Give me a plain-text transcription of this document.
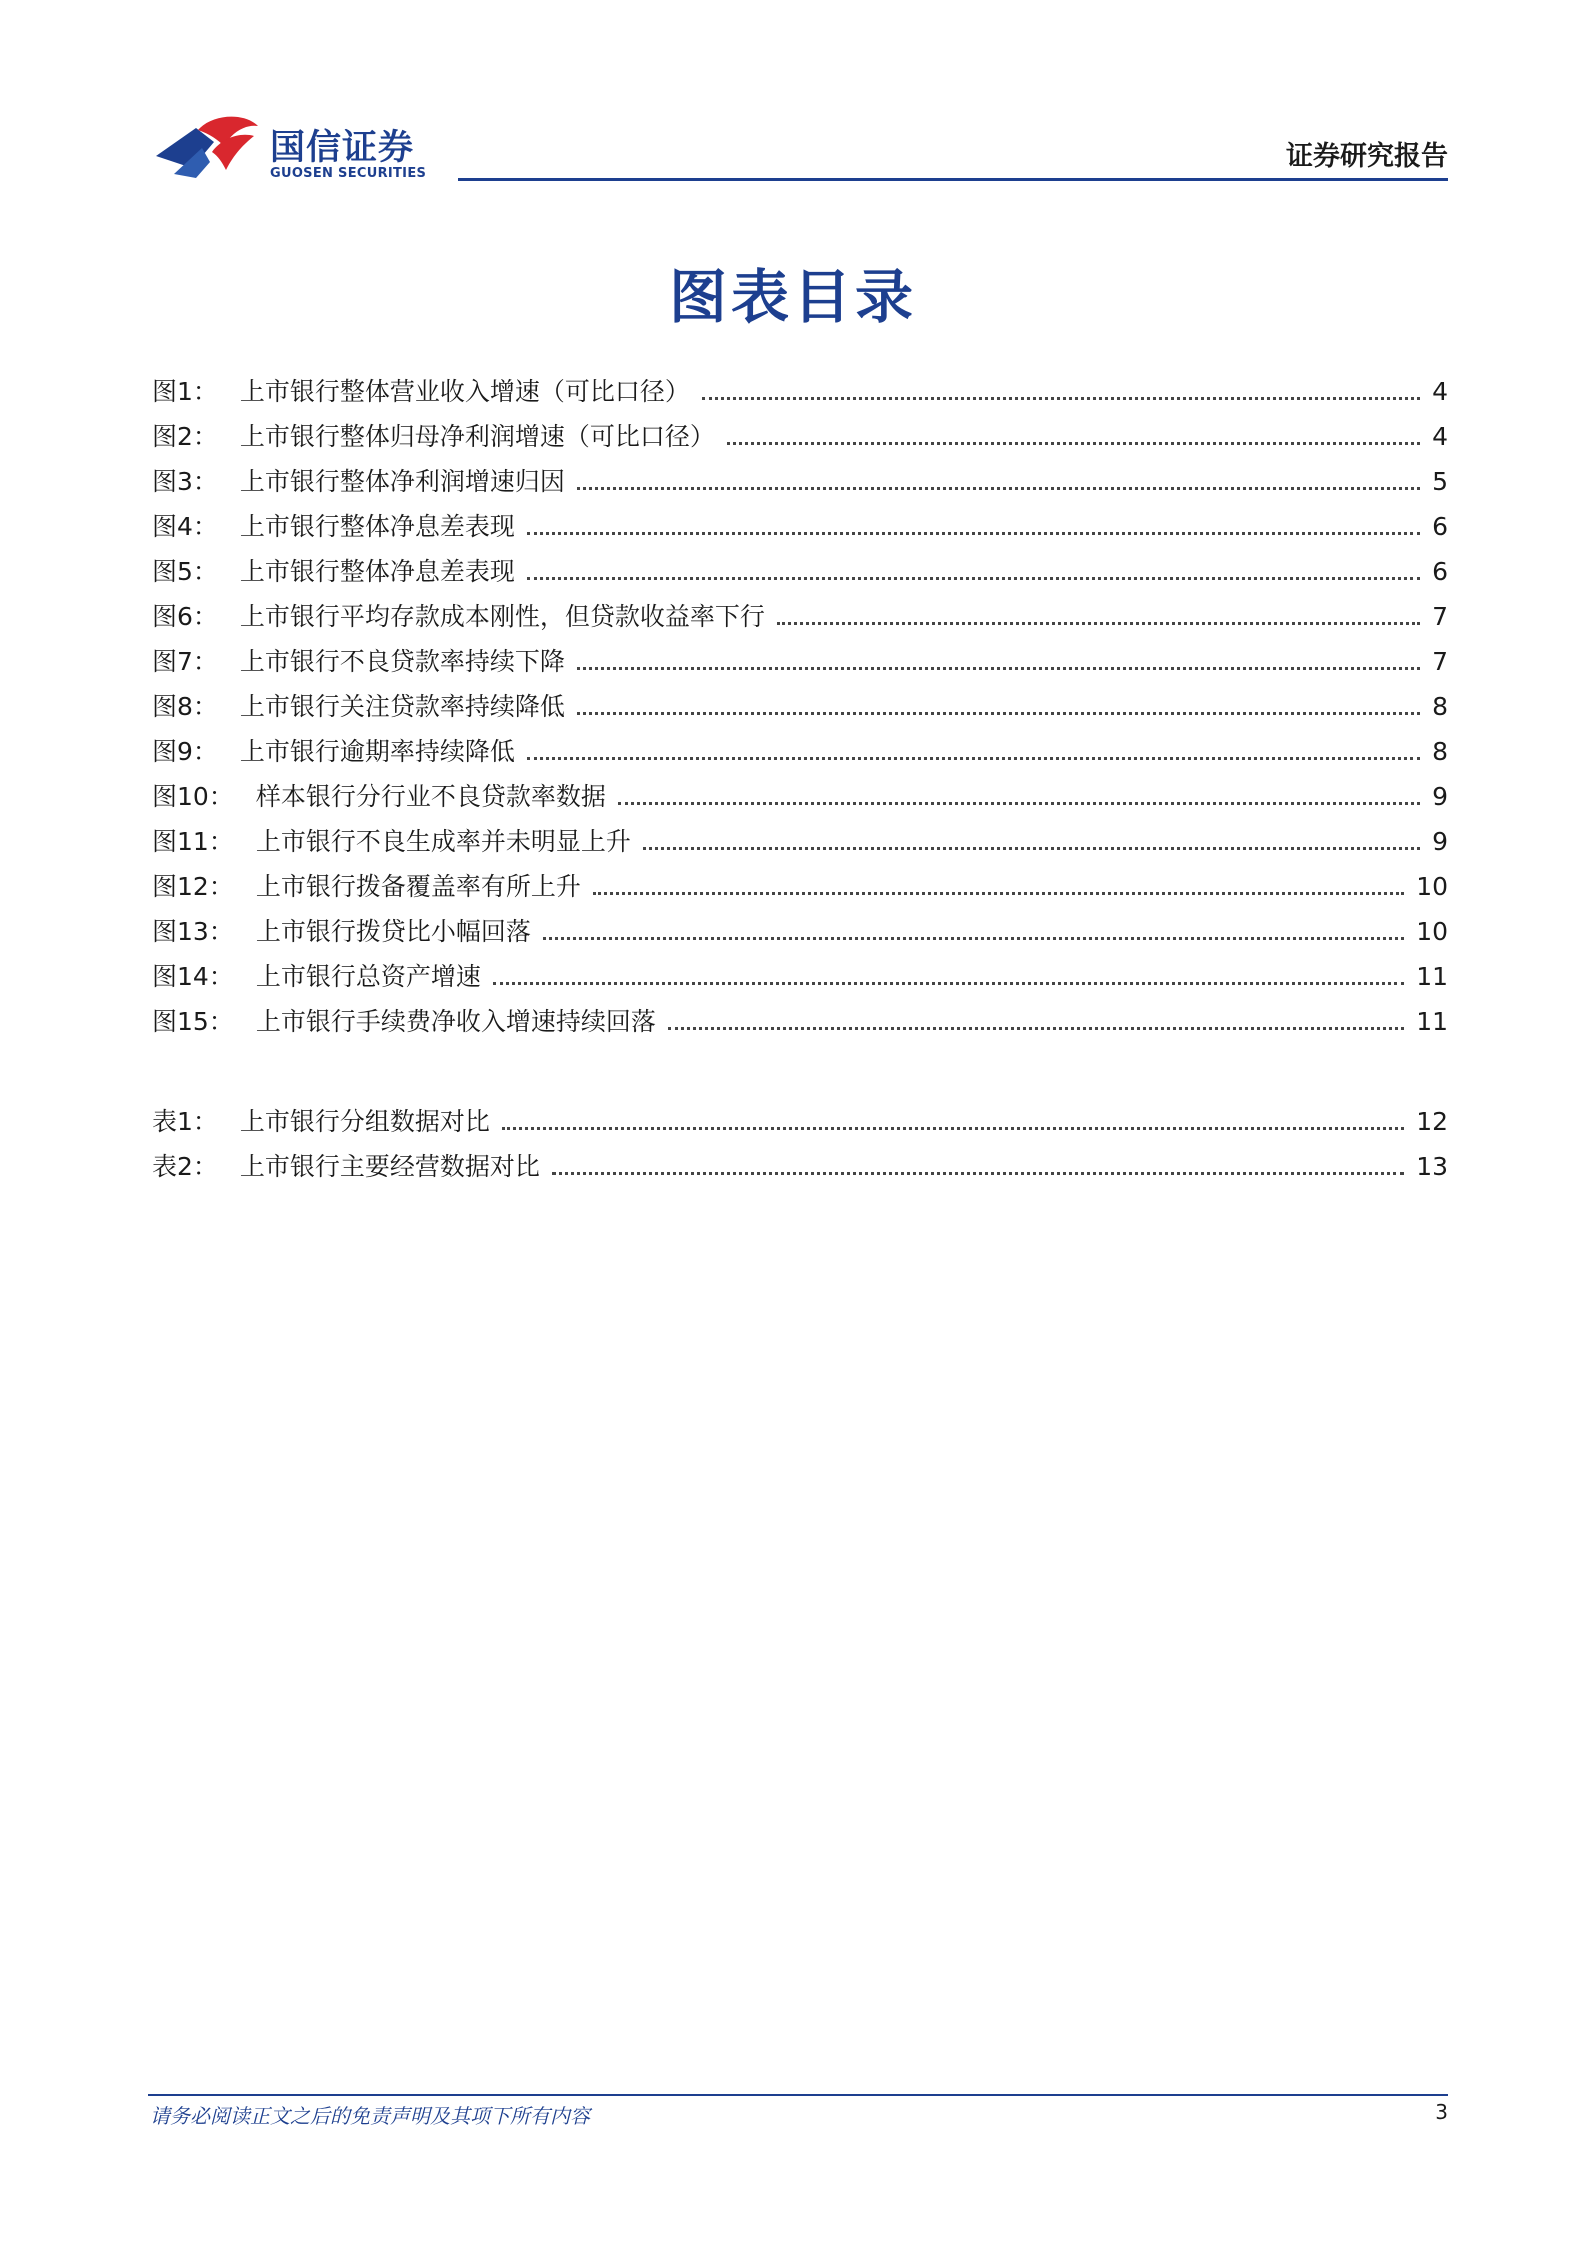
国信证券
GUOSEN SECURITIES
证券研究报告
图表目录
图1： 上市银行整体营业收入增速（可比口径）	4
图2： 上市银行整体归母净利润增速（可比口径）	4
图3： 上市银行整体净利润增速归因	5
图4： 上市银行整体净息差表现	6
图5： 上市银行整体净息差表现	6
图6： 上市银行平均存款成本刚性，但贷款收益率下行	7
图7： 上市银行不良贷款率持续下降	7
图8： 上市银行关注贷款率持续降低	8
图9： 上市银行逾期率持续降低	8
图10： 样本银行分行业不良贷款率数据	9
图11： 上市银行不良生成率并未明显上升	9
图12： 上市银行拨备覆盖率有所上升	10
图13： 上市银行拨贷比小幅回落	10
图14： 上市银行总资产增速	11
图15： 上市银行手续费净收入增速持续回落	11
表1： 上市银行分组数据对比	12
表2： 上市银行主要经营数据对比	13
请务必阅读正文之后的免责声明及其项下所有内容	3
